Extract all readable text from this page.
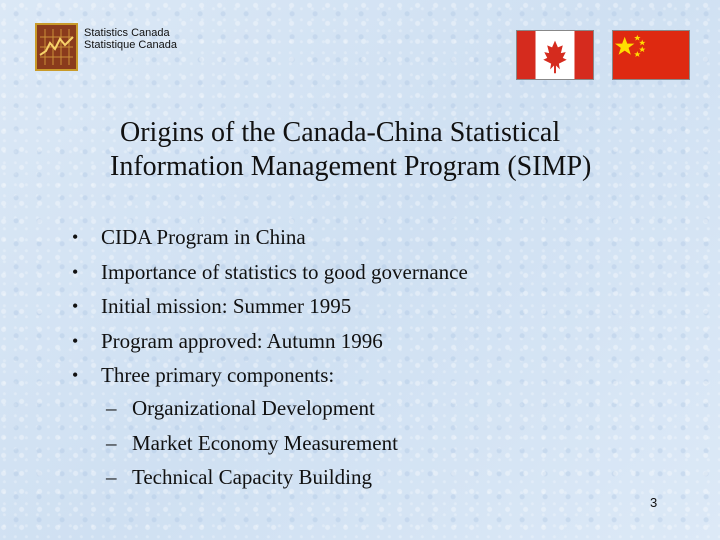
Statistics Canada
Statistique Canada
Origins of the Canada-China Statistical
Information Management Program (SIMP)
• CIDA Program in China
• Importance of statistics to good governance
• Initial mission: Summer 1995
• Program approved: Autumn 1996
• Three primary components:
– Organizational Development
– Market Economy Measurement
– Technical Capacity Building
3
